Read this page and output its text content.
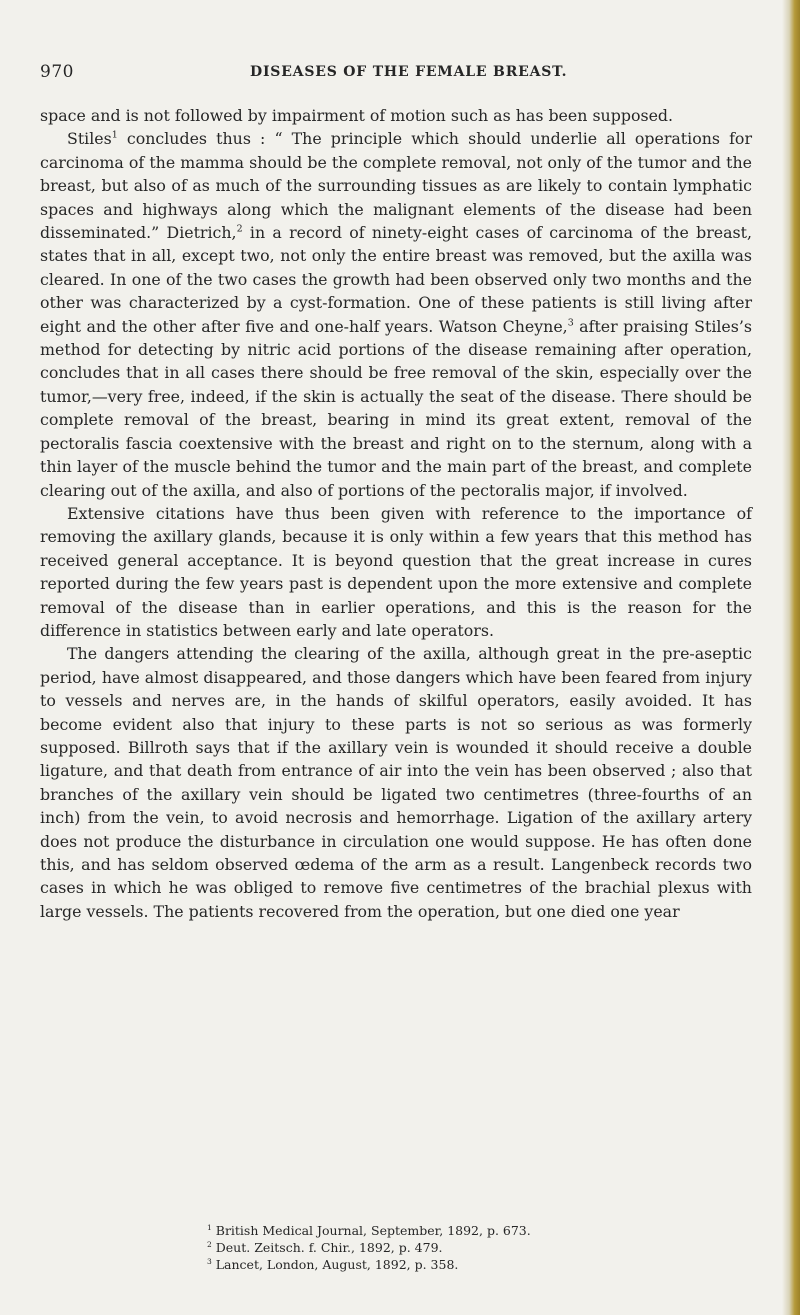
970	DISEASES OF THE FEMALE BREAST.

space and is not followed by impairment of motion such as has been supposed.

Stiles$^1$ concludes thus : “ The principle which should underlie all operations for carcinoma of the mamma should be the complete removal, not only of the tumor and the breast, but also of as much of the surrounding tissues as are likely to contain lymphatic spaces and highways along which the malignant elements of the disease had been disseminated.” Dietrich,$^2$ in a record of ninety-eight cases of carcinoma of the breast, states that in all, except two, not only the entire breast was removed, but the axilla was cleared. In one of the two cases the growth had been observed only two months and the other was characterized by a cyst-formation. One of these patients is still living after eight and the other after five and one-half years. Watson Cheyne,$^3$ after praising Stiles’s method for detecting by nitric acid portions of the disease remaining after operation, concludes that in all cases there should be free removal of the skin, especially over the tumor,—very free, indeed, if the skin is actually the seat of the disease. There should be complete removal of the breast, bearing in mind its great extent, removal of the pectoralis fascia coextensive with the breast and right on to the sternum, along with a thin layer of the muscle behind the tumor and the main part of the breast, and complete clearing out of the axilla, and also of portions of the pectoralis major, if involved.

Extensive citations have thus been given with reference to the importance of removing the axillary glands, because it is only within a few years that this method has received general acceptance. It is beyond question that the great increase in cures reported during the few years past is dependent upon the more extensive and complete removal of the disease than in earlier operations, and this is the reason for the difference in statistics between early and late operators.

The dangers attending the clearing of the axilla, although great in the pre-aseptic period, have almost disappeared, and those dangers which have been feared from injury to vessels and nerves are, in the hands of skilful operators, easily avoided. It has become evident also that injury to these parts is not so serious as was formerly supposed. Billroth says that if the axillary vein is wounded it should receive a double ligature, and that death from entrance of air into the vein has been observed ; also that branches of the axillary vein should be ligated two centimetres (three-fourths of an inch) from the vein, to avoid necrosis and hemorrhage. Ligation of the axillary artery does not produce the disturbance in circulation one would suppose. He has often done this, and has seldom observed œdema of the arm as a result. Langenbeck records two cases in which he was obliged to remove five centimetres of the brachial plexus with large vessels. The patients recovered from the operation, but one died one year

$^1$ British Medical Journal, September, 1892, p. 673.
$^2$ Deut. Zeitsch. f. Chir., 1892, p. 479.
$^3$ Lancet, London, August, 1892, p. 358.
